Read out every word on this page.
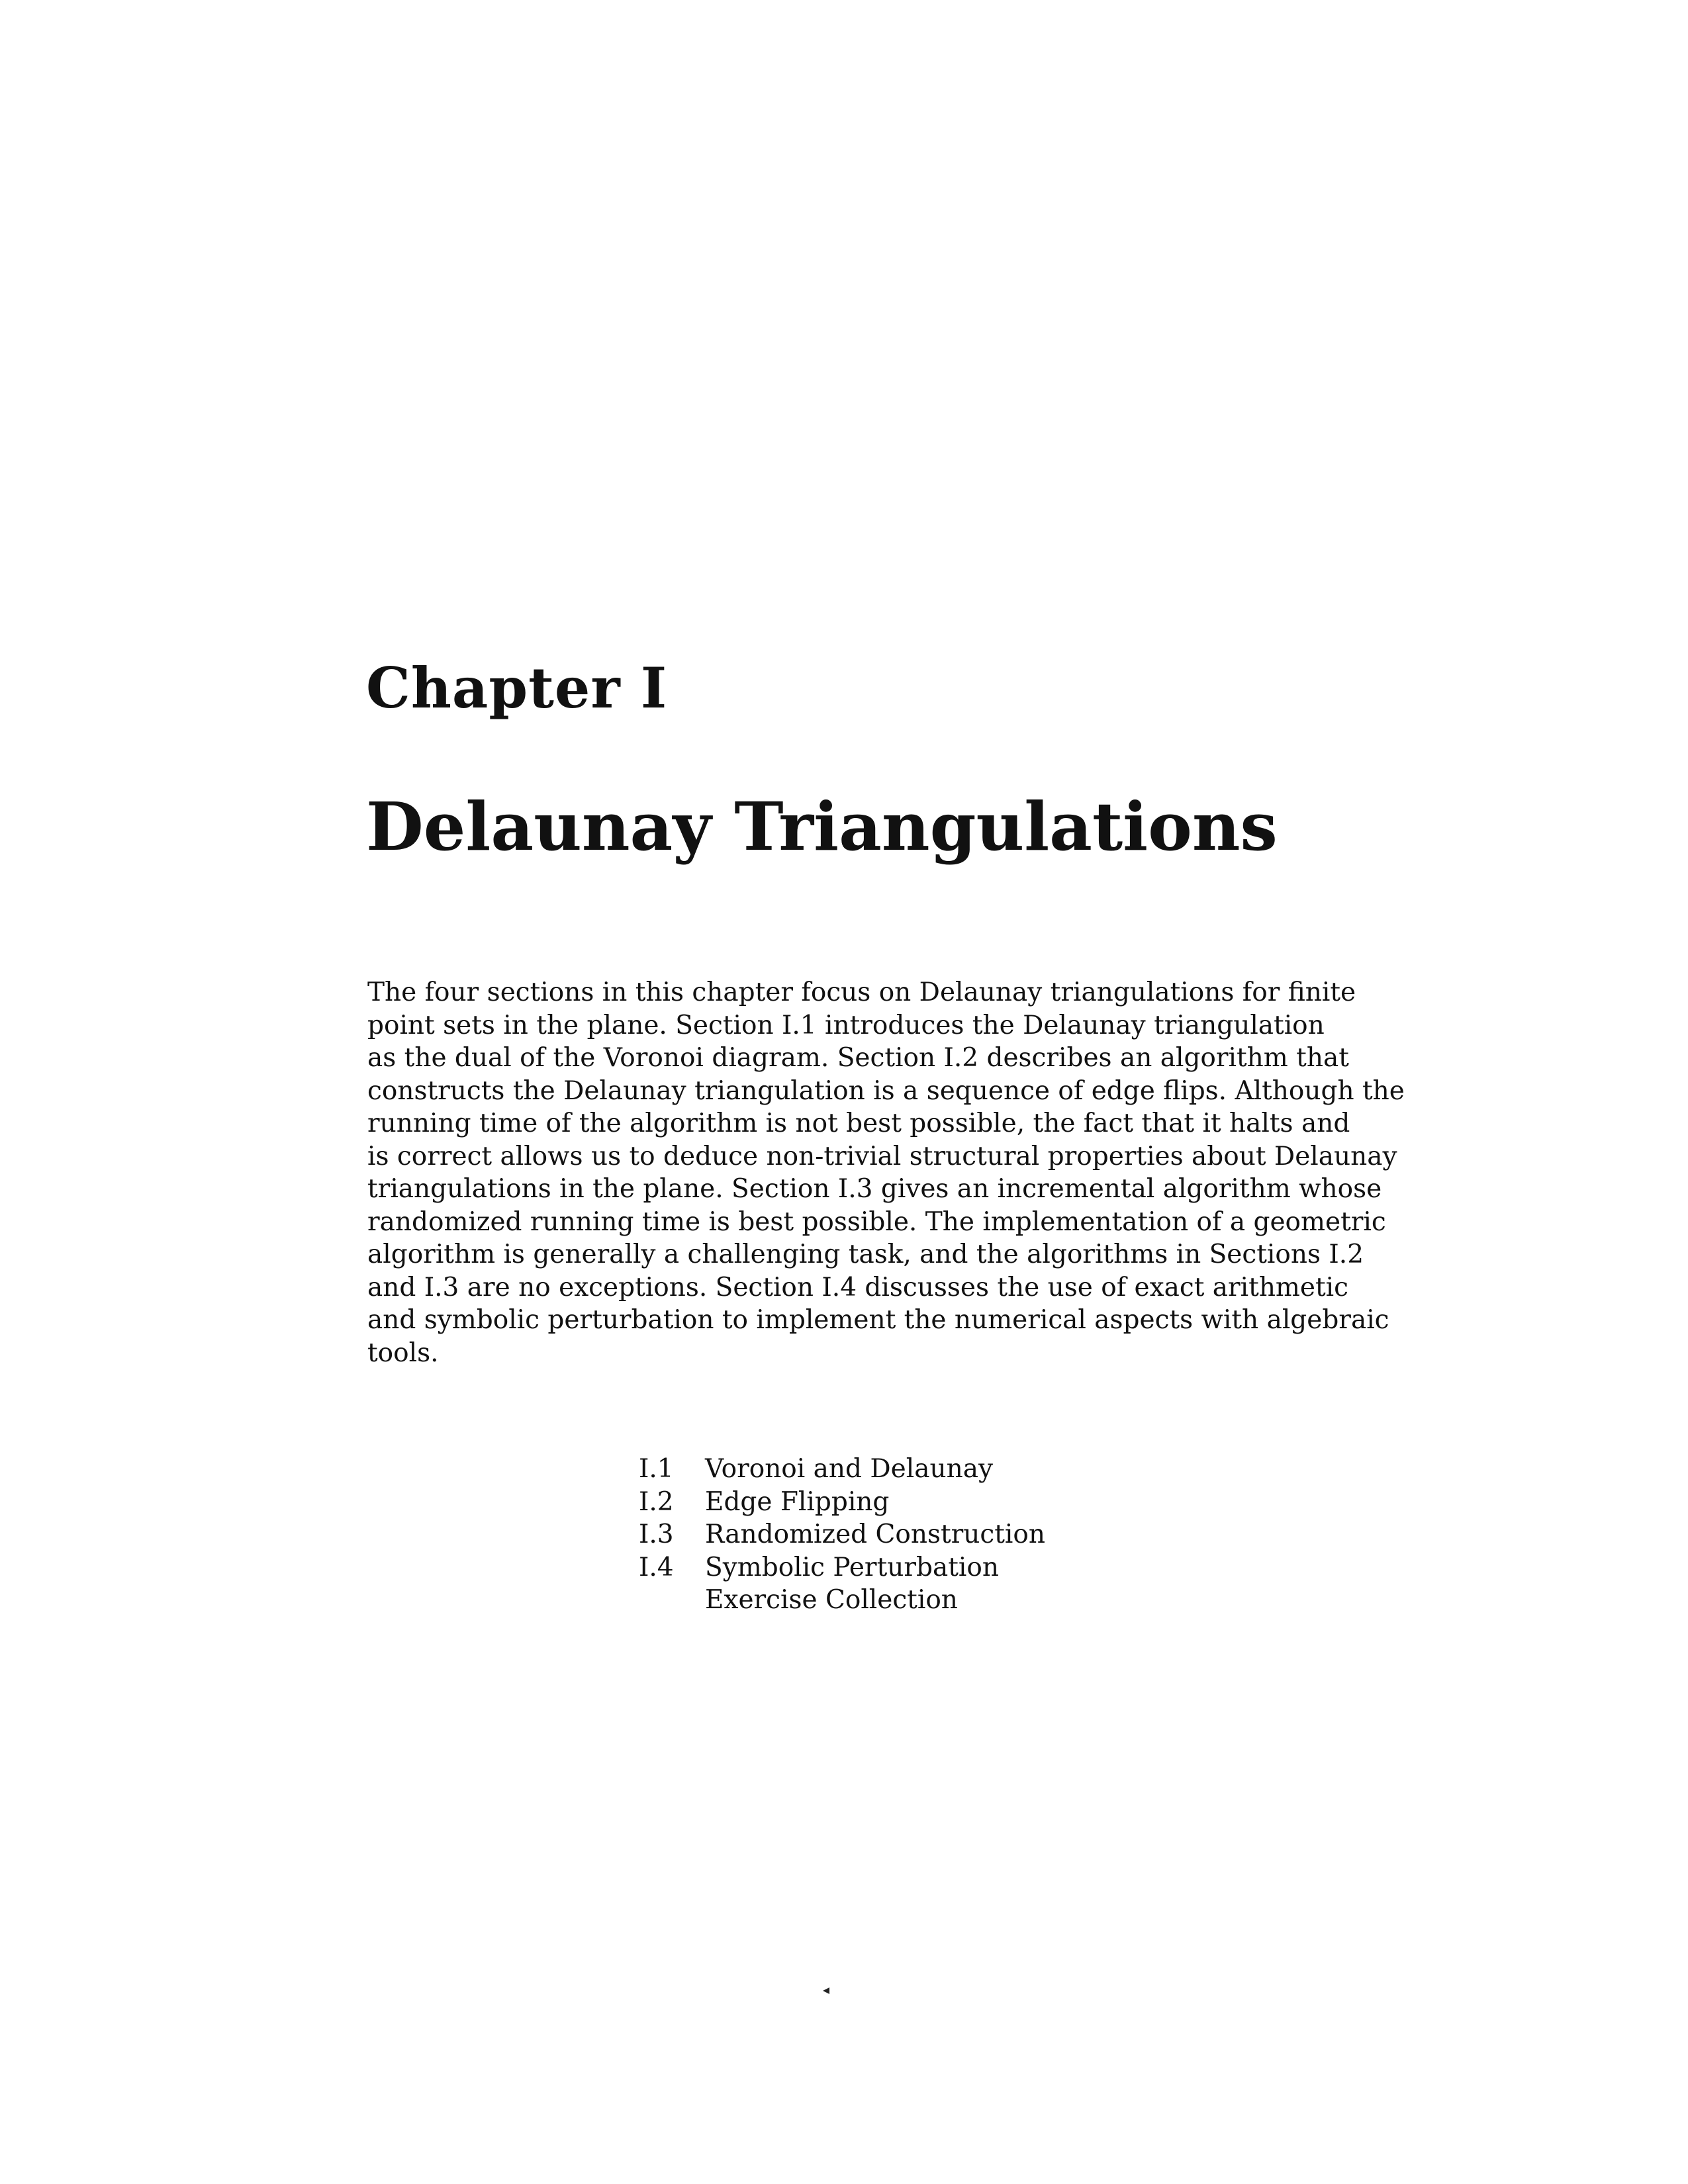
Chapter I
Delaunay Triangulations
The four sections in this chapter focus on Delaunay triangulations for finite
point sets in the plane. Section I.1 introduces the Delaunay triangulation
as the dual of the Voronoi diagram. Section I.2 describes an algorithm that
constructs the Delaunay triangulation is a sequence of edge flips. Although the
running time of the algorithm is not best possible, the fact that it halts and
is correct allows us to deduce non-trivial structural properties about Delaunay
triangulations in the plane. Section I.3 gives an incremental algorithm whose
randomized running time is best possible. The implementation of a geometric
algorithm is generally a challenging task, and the algorithms in Sections I.2
and I.3 are no exceptions. Section I.4 discusses the use of exact arithmetic
and symbolic perturbation to implement the numerical aspects with algebraic
tools.
I.1	Voronoi and Delaunay
I.2	Edge Flipping
I.3	Randomized Construction
I.4	Symbolic Perturbation
Exercise Collection
